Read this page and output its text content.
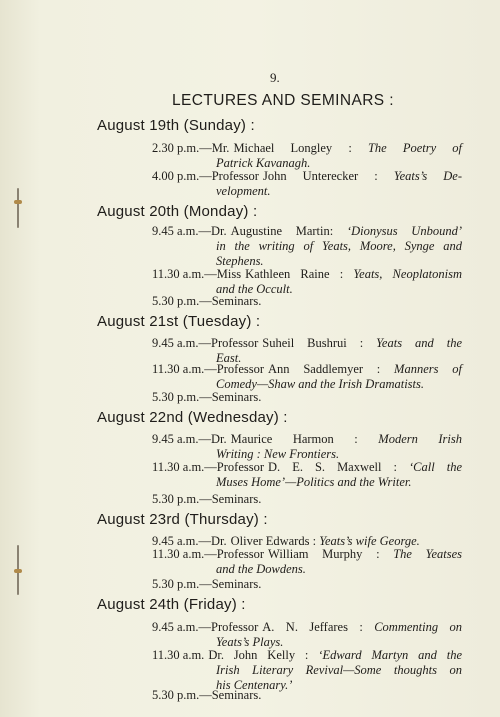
9.
LECTURES AND SEMINARS :
August 19th (Sunday) :
2.30 p.m.—Mr. Michael Longley : The Poetry of
Patrick Kavanagh.
4.00 p.m.—Professor John Unterecker : Yeats’s De-
velopment.
August 20th (Monday) :
9.45 a.m.—Dr. Augustine Martin: ‘Dionysus Unbound’
in the writing of Yeats, Moore, Synge and
Stephens.
11.30 a.m.—Miss Kathleen Raine : Yeats, Neoplatonism
and the Occult.
5.30 p.m.—Seminars.
August 21st (Tuesday) :
9.45 a.m.—Professor Suheil Bushrui : Yeats and the
East.
11.30 a.m.—Professor Ann Saddlemyer : Manners of
Comedy—Shaw and the Irish Dramatists.
5.30 p.m.—Seminars.
August 22nd (Wednesday) :
9.45 a.m.—Dr. Maurice Harmon : Modern Irish
Writing : New Frontiers.
11.30 a.m.—Professor D. E. S. Maxwell : ‘Call the
Muses Home’—Politics and the Writer.
5.30 p.m.—Seminars.
August 23rd (Thursday) :
9.45 a.m.—Dr. Oliver Edwards : Yeats’s wife George.
11.30 a.m.—Professor William Murphy : The Yeatses
and the Dowdens.
5.30 p.m.—Seminars.
August 24th (Friday) :
9.45 a.m.—Professor A. N. Jeffares : Commenting on
Yeats’s Plays.
11.30 a.m. Dr. John Kelly : ‘Edward Martyn and the
Irish Literary Revival—Some thoughts on
his Centenary.’
5.30 p.m.—Seminars.
